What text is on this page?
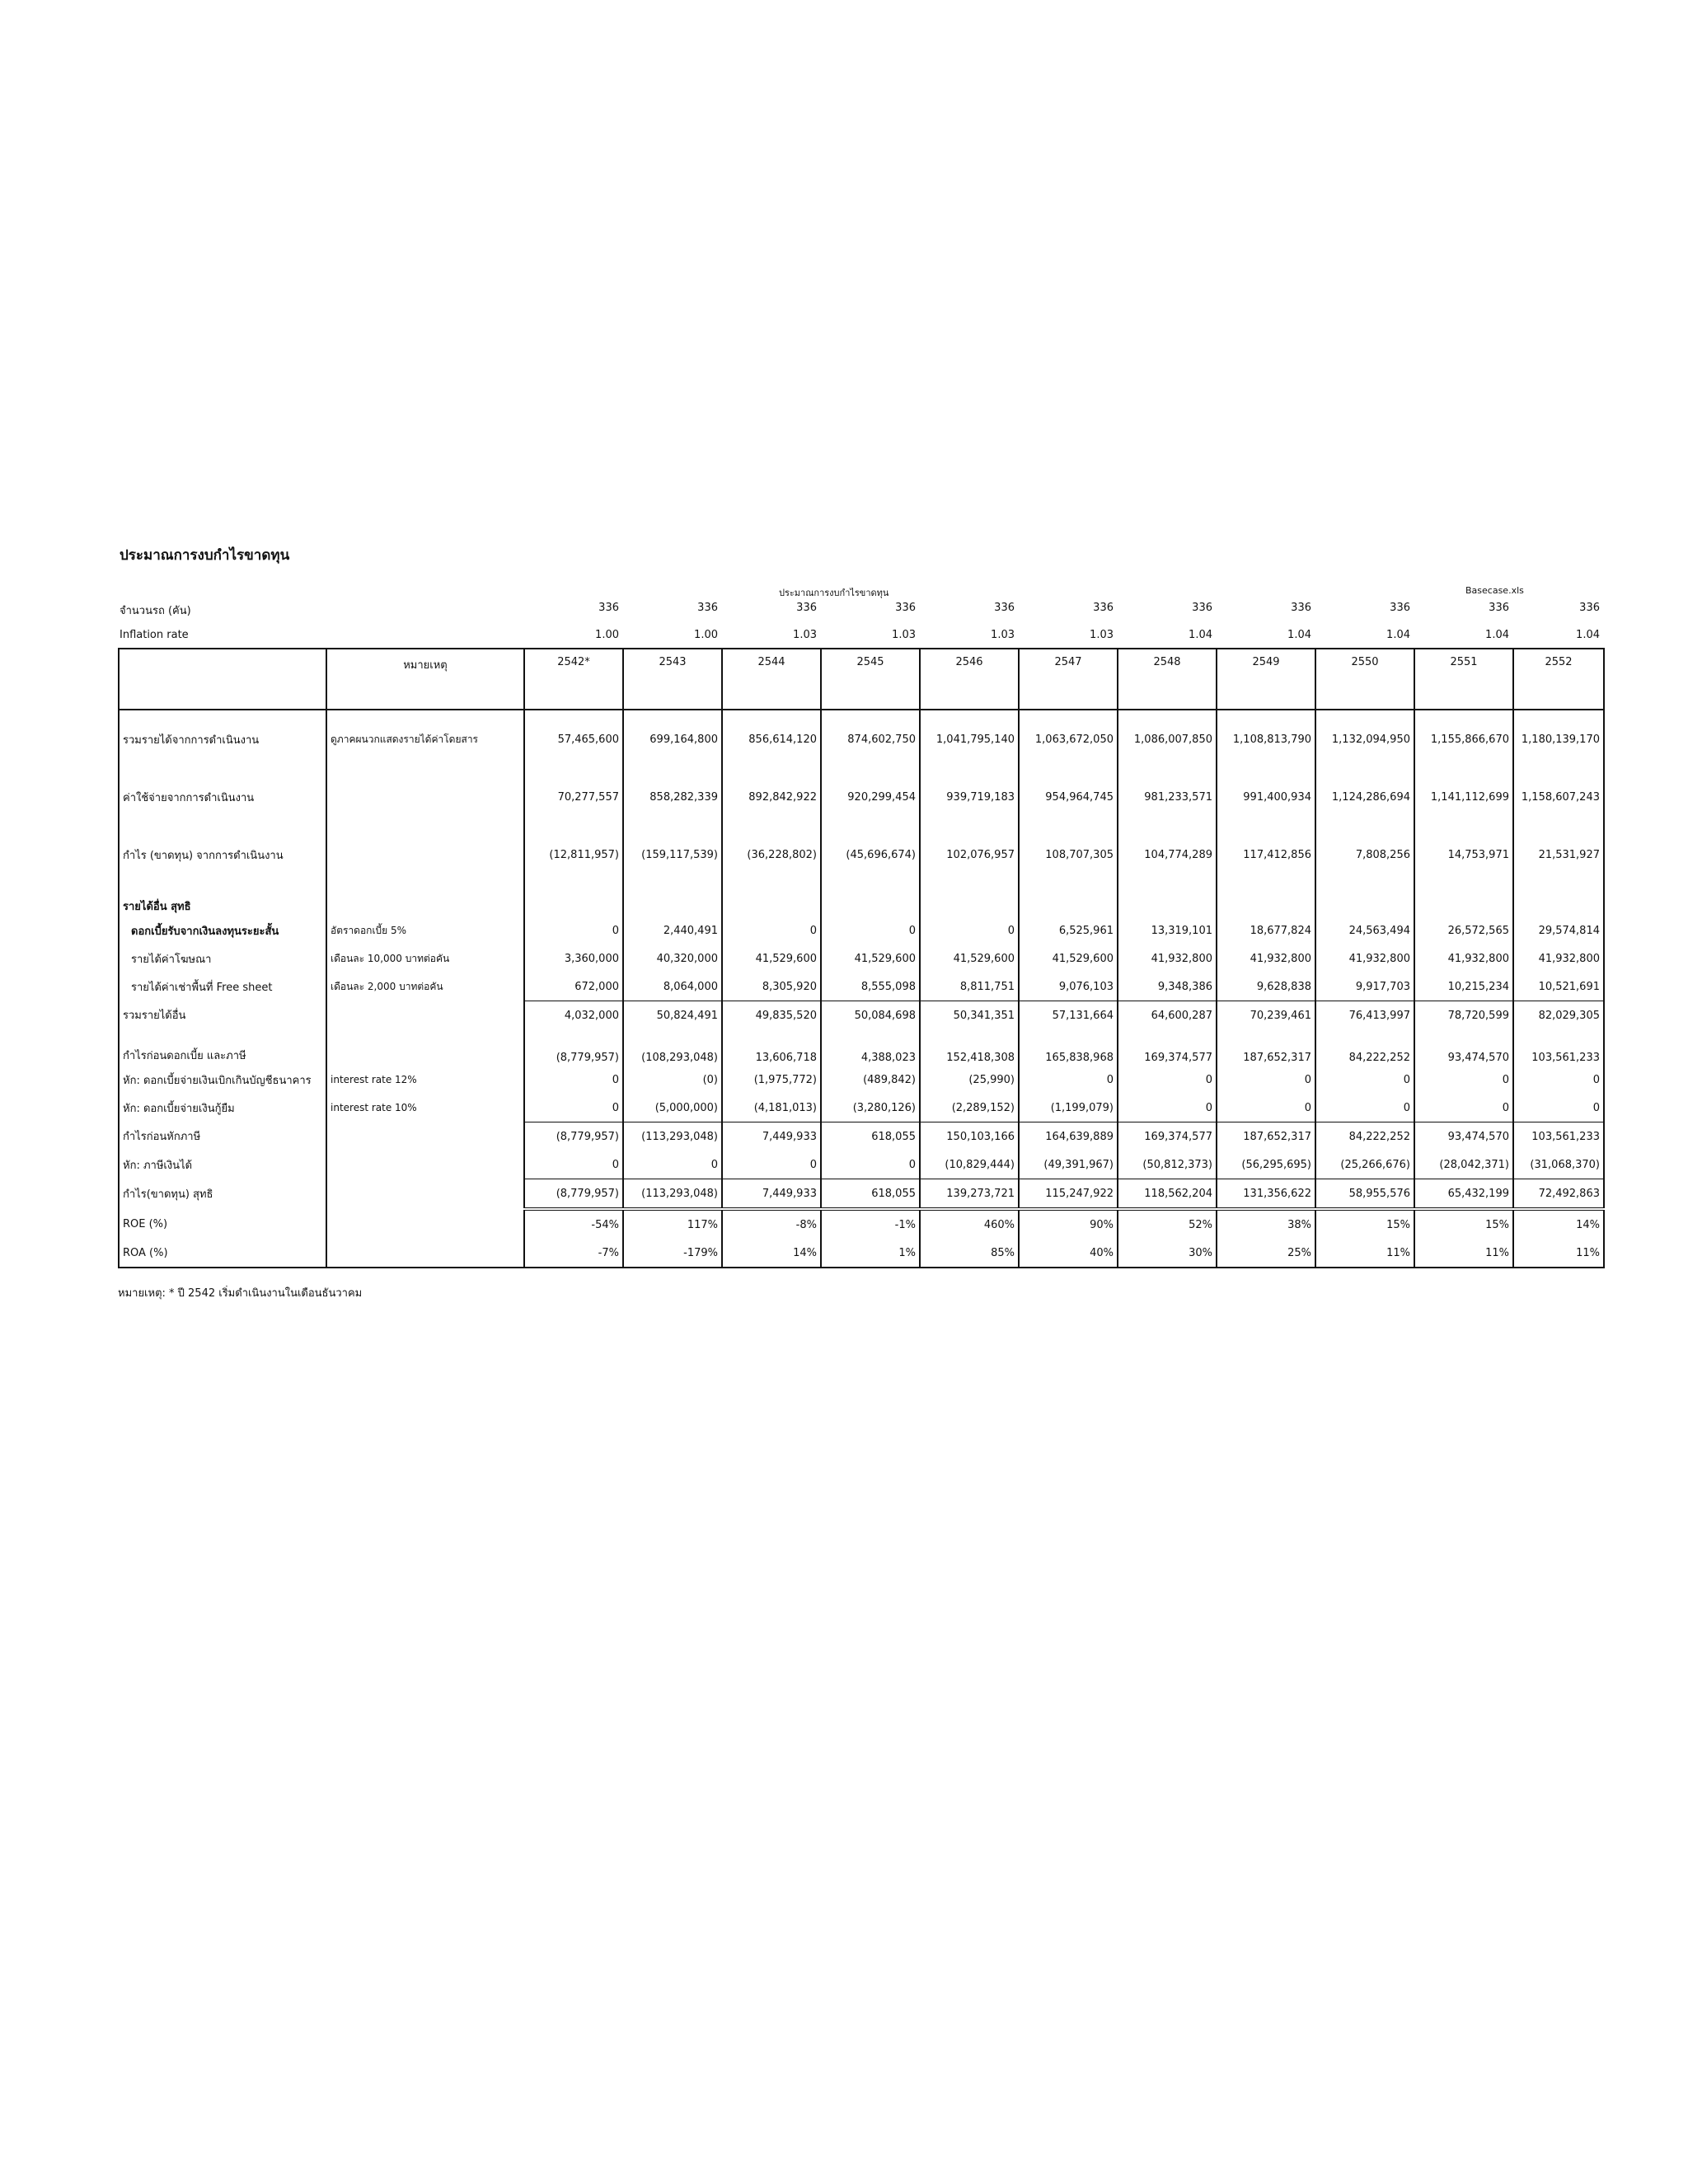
ประมาณการงบกำไรขาดทุน
ประมาณการงบกำไรขาดทุน	Basecase.xls
จำนวนรถ (คัน)	336	336	336	336	336	336	336	336	336	336	336
Inflation rate	1.00	1.00	1.03	1.03	1.03	1.03	1.04	1.04	1.04	1.04	1.04
	หมายเหตุ	2542*	2543	2544	2545	2546	2547	2548	2549	2550	2551	2552
รวมรายได้จากการดำเนินงาน	ดูภาคผนวกแสดงรายได้ค่าโดยสาร	57,465,600	699,164,800	856,614,120	874,602,750	1,041,795,140	1,063,672,050	1,086,007,850	1,108,813,790	1,132,094,950	1,155,866,670	1,180,139,170
ค่าใช้จ่ายจากการดำเนินงาน		70,277,557	858,282,339	892,842,922	920,299,454	939,719,183	954,964,745	981,233,571	991,400,934	1,124,286,694	1,141,112,699	1,158,607,243
กำไร (ขาดทุน) จากการดำเนินงาน		(12,811,957)	(159,117,539)	(36,228,802)	(45,696,674)	102,076,957	108,707,305	104,774,289	117,412,856	7,808,256	14,753,971	21,531,927
รายได้อื่น สุทธิ												
ดอกเบี้ยรับจากเงินลงทุนระยะสั้น	อัตราดอกเบี้ย 5%	0	2,440,491	0	0	0	6,525,961	13,319,101	18,677,824	24,563,494	26,572,565	29,574,814
รายได้ค่าโฆษณา	เดือนละ 10,000 บาทต่อคัน	3,360,000	40,320,000	41,529,600	41,529,600	41,529,600	41,529,600	41,932,800	41,932,800	41,932,800	41,932,800	41,932,800
รายได้ค่าเช่าพื้นที่ Free sheet	เดือนละ 2,000 บาทต่อคัน	672,000	8,064,000	8,305,920	8,555,098	8,811,751	9,076,103	9,348,386	9,628,838	9,917,703	10,215,234	10,521,691
รวมรายได้อื่น		4,032,000	50,824,491	49,835,520	50,084,698	50,341,351	57,131,664	64,600,287	70,239,461	76,413,997	78,720,599	82,029,305
กำไรก่อนดอกเบี้ย และภาษี		(8,779,957)	(108,293,048)	13,606,718	4,388,023	152,418,308	165,838,968	169,374,577	187,652,317	84,222,252	93,474,570	103,561,233
หัก: ดอกเบี้ยจ่ายเงินเบิกเกินบัญชีธนาคาร	interest rate 12%	0	(0)	(1,975,772)	(489,842)	(25,990)	0	0	0	0	0	0
หัก: ดอกเบี้ยจ่ายเงินกู้ยืม	interest rate 10%	0	(5,000,000)	(4,181,013)	(3,280,126)	(2,289,152)	(1,199,079)	0	0	0	0	0
กำไรก่อนหักภาษี		(8,779,957)	(113,293,048)	7,449,933	618,055	150,103,166	164,639,889	169,374,577	187,652,317	84,222,252	93,474,570	103,561,233
หัก: ภาษีเงินได้		0	0	0	0	(10,829,444)	(49,391,967)	(50,812,373)	(56,295,695)	(25,266,676)	(28,042,371)	(31,068,370)
กำไร(ขาดทุน) สุทธิ		(8,779,957)	(113,293,048)	7,449,933	618,055	139,273,721	115,247,922	118,562,204	131,356,622	58,955,576	65,432,199	72,492,863
ROE (%)		-54%	117%	-8%	-1%	460%	90%	52%	38%	15%	15%	14%
ROA (%)		-7%	-179%	14%	1%	85%	40%	30%	25%	11%	11%	11%
หมายเหตุ: * ปี 2542 เริ่มดำเนินงานในเดือนธันวาคม
